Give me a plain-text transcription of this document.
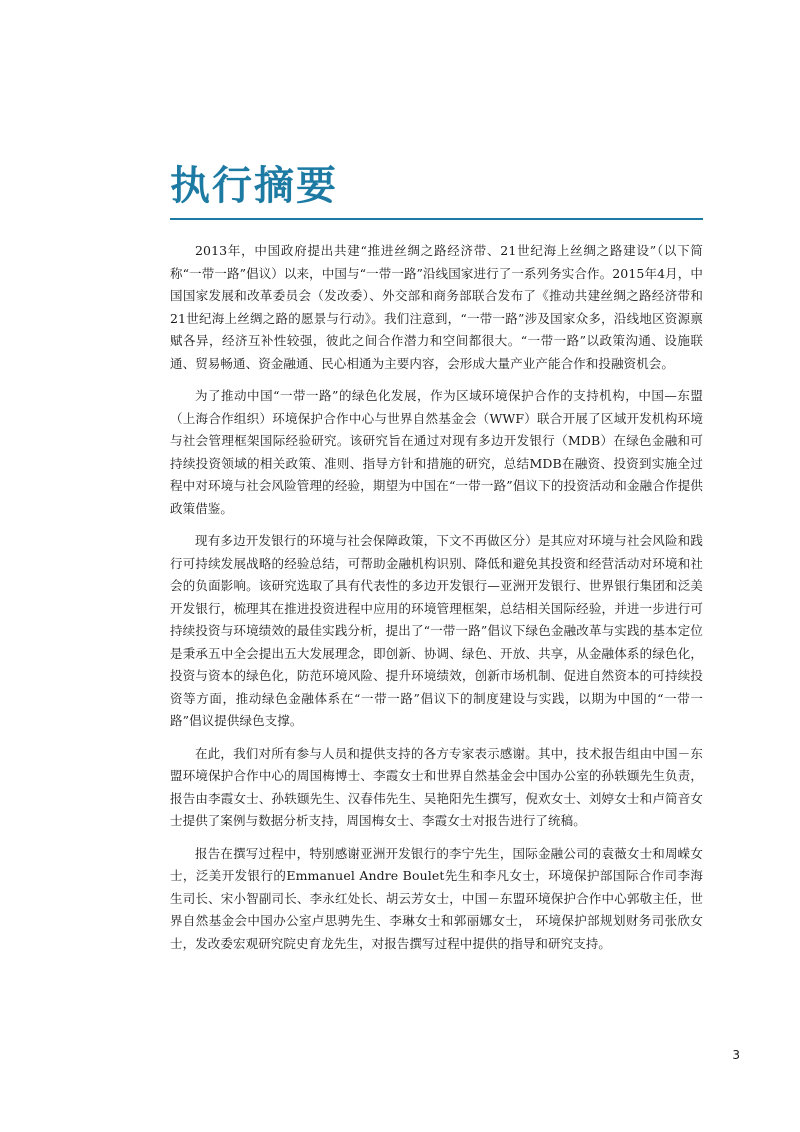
执行摘要

2013年，中国政府提出共建“推进丝绸之路经济带、21世纪海上丝绸之路建设”（以下简称“一带一路”倡议）以来，中国与“一带一路”沿线国家进行了一系列务实合作。2015年4月，中国国家发展和改革委员会（发改委）、外交部和商务部联合发布了《推动共建丝绸之路经济带和21世纪海上丝绸之路的愿景与行动》。我们注意到，“一带一路”涉及国家众多，沿线地区资源禀赋各异，经济互补性较强，彼此之间合作潜力和空间都很大。“一带一路”以政策沟通、设施联通、贸易畅通、资金融通、民心相通为主要内容，会形成大量产业产能合作和投融资机会。

为了推动中国“一带一路”的绿色化发展，作为区域环境保护合作的支持机构，中国—东盟（上海合作组织）环境保护合作中心与世界自然基金会（WWF）联合开展了区域开发机构环境与社会管理框架国际经验研究。该研究旨在通过对现有多边开发银行（MDB）在绿色金融和可持续投资领域的相关政策、准则、指导方针和措施的研究，总结MDB在融资、投资到实施全过程中对环境与社会风险管理的经验，期望为中国在“一带一路”倡议下的投资活动和金融合作提供政策借鉴。

现有多边开发银行的环境与社会保障政策，下文不再做区分）是其应对环境与社会风险和践行可持续发展战略的经验总结，可帮助金融机构识别、降低和避免其投资和经营活动对环境和社会的负面影响。该研究选取了具有代表性的多边开发银行—亚洲开发银行、世界银行集团和泛美开发银行，梳理其在推进投资进程中应用的环境管理框架，总结相关国际经验，并进一步进行可持续投资与环境绩效的最佳实践分析，提出了“一带一路”倡议下绿色金融改革与实践的基本定位是秉承五中全会提出五大发展理念，即创新、协调、绿色、开放、共享，从金融体系的绿色化，投资与资本的绿色化，防范环境风险、提升环境绩效，创新市场机制、促进自然资本的可持续投资等方面，推动绿色金融体系在“一带一路”倡议下的制度建设与实践，以期为中国的“一带一路”倡议提供绿色支撑。

在此，我们对所有参与人员和提供支持的各方专家表示感谢。其中，技术报告组由中国－东盟环境保护合作中心的周国梅博士、李霞女士和世界自然基金会中国办公室的孙轶颋先生负责，报告由李霞女士、孙轶颋先生、汉春伟先生、吴艳阳先生撰写，倪欢女士、刘婷女士和卢简音女士提供了案例与数据分析支持，周国梅女士、李霞女士对报告进行了统稿。

报告在撰写过程中，特别感谢亚洲开发银行的李宁先生，国际金融公司的袁薇女士和周嵘女士，泛美开发银行的Emmanuel Andre Boulet先生和李凡女士，环境保护部国际合作司李海生司长、宋小智副司长、李永红处长、胡云芳女士，中国－东盟环境保护合作中心郭敬主任，世界自然基金会中国办公室卢思骋先生、李琳女士和郭丽娜女士， 环境保护部规划财务司张欣女士，发改委宏观研究院史育龙先生，对报告撰写过程中提供的指导和研究支持。

3
